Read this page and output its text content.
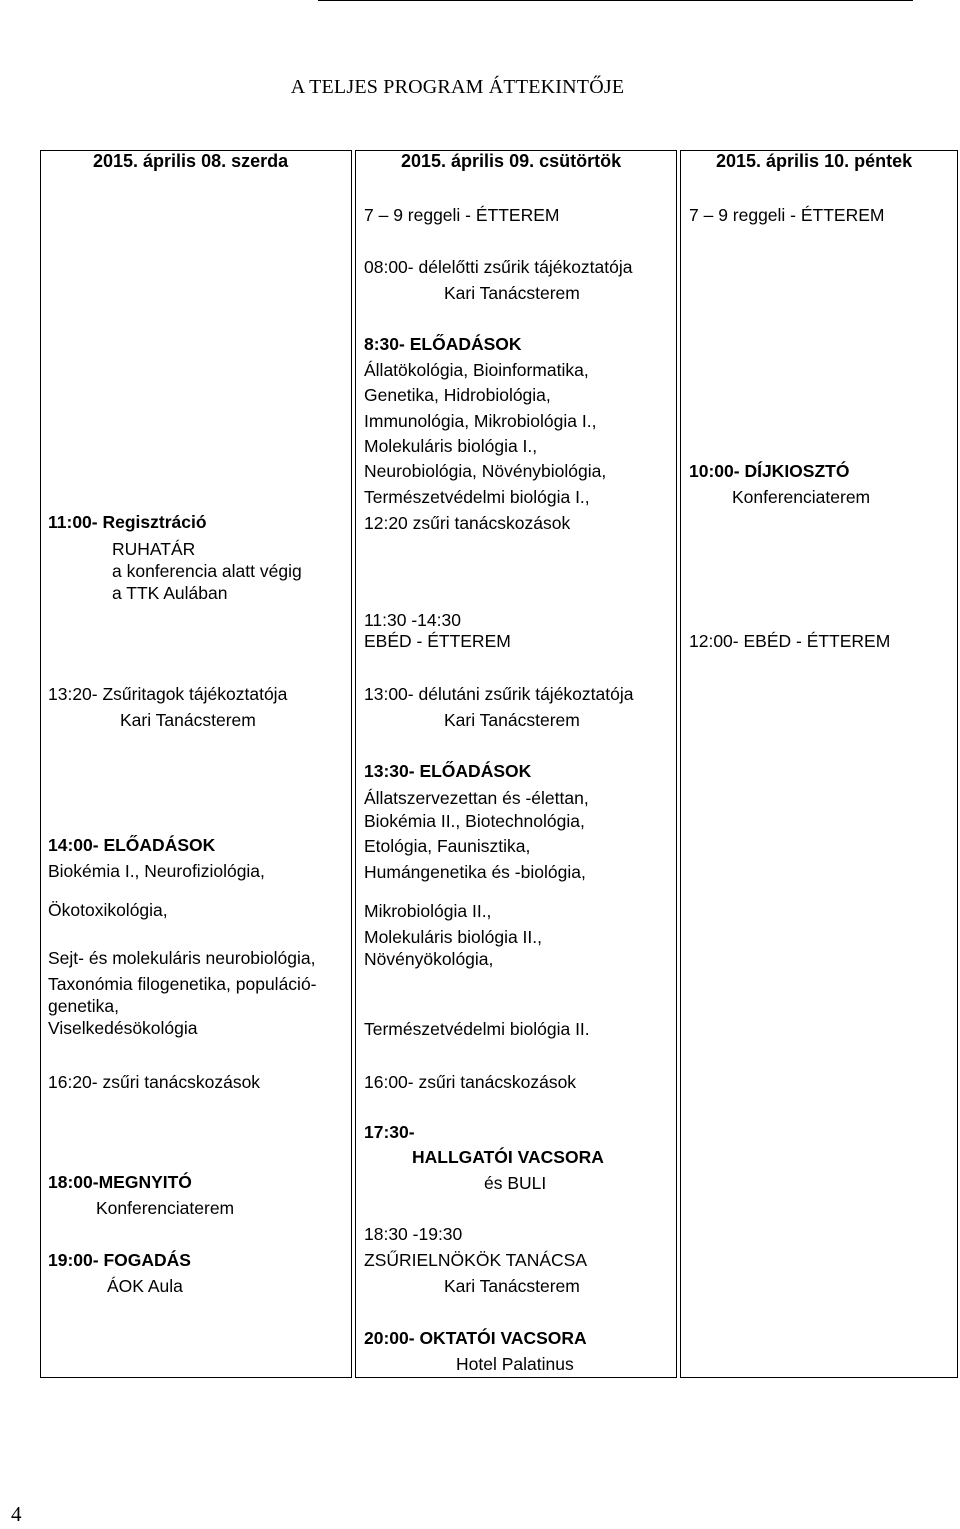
A TELJES PROGRAM ÁTTEKINTŐJE
2015. április 08. szerda
11:00- Regisztráció
RUHATÁR
a konferencia alatt végig
a TTK Aulában
13:20- Zsűritagok tájékoztatója
Kari Tanácsterem
14:00- ELŐADÁSOK
Biokémia I., Neurofiziológia,
Ökotoxikológia,
Sejt- és molekuláris neurobiológia,
Taxonómia filogenetika, populáció-
genetika,
Viselkedésökológia
16:20- zsűri tanácskozások
18:00-MEGNYITÓ
Konferenciaterem
19:00- FOGADÁS
ÁOK Aula
2015. április 09. csütörtök
7 – 9 reggeli - ÉTTEREM
08:00- délelőtti zsűrik tájékoztatója
Kari Tanácsterem
8:30- ELŐADÁSOK
Állatökológia, Bioinformatika,
Genetika, Hidrobiológia,
Immunológia, Mikrobiológia I.,
Molekuláris biológia I.,
Neurobiológia, Növénybiológia,
Természetvédelmi biológia I.,
12:20 zsűri tanácskozások
11:30 -14:30
EBÉD - ÉTTEREM
13:00- délutáni zsűrik tájékoztatója
Kari Tanácsterem
13:30- ELŐADÁSOK
Állatszervezettan és -élettan,
Biokémia II., Biotechnológia,
Etológia, Faunisztika,
Humángenetika és -biológia,
Mikrobiológia II.,
Molekuláris biológia II.,
Növényökológia,
Természetvédelmi biológia II.
16:00- zsűri tanácskozások
17:30-
HALLGATÓI VACSORA
és BULI
18:30 -19:30
ZSŰRIELNÖKÖK TANÁCSA
Kari Tanácsterem
20:00- OKTATÓI VACSORA
Hotel Palatinus
2015. április 10. péntek
7 – 9 reggeli - ÉTTEREM
10:00- DÍJKIOSZTÓ
Konferenciaterem
12:00- EBÉD - ÉTTEREM
4
